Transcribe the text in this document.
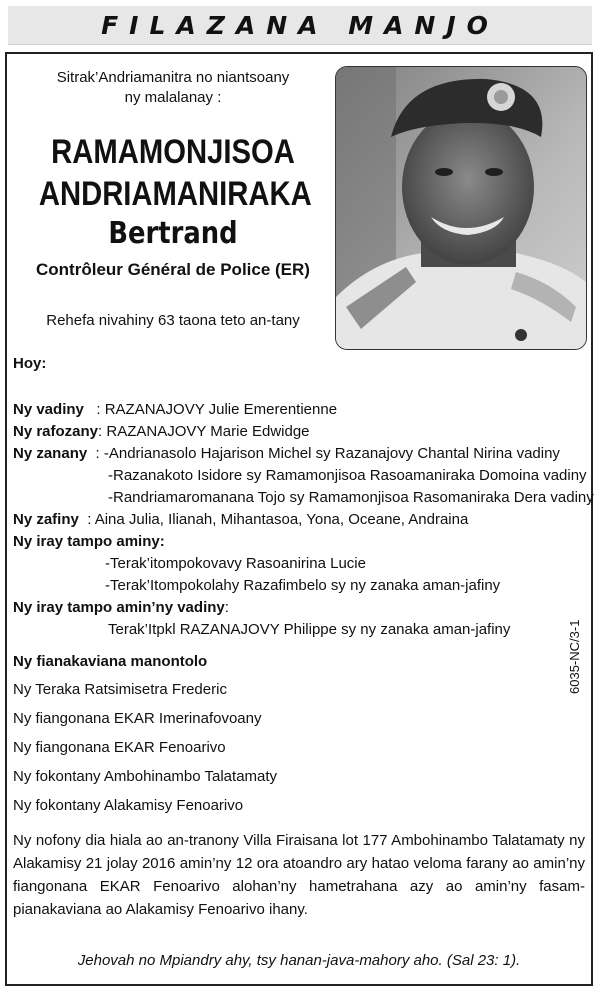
FILAZANA MANJO
Sitrak’Andriamanitra no niantsoany
ny malalanay :
RAMAMONJISOA
ANDRIAMANIRAKA
Bertrand
Contrôleur Général de Police (ER)
Rehefa nivahiny 63 taona teto an-tany
Hoy:
Ny vadiny   : RAZANAJOVY Julie Emerentienne
Ny rafozany: RAZANAJOVY Marie Edwidge
Ny zanany  : -Andrianasolo Hajarison Michel sy Razanajovy Chantal Nirina vadiny
-Razanakoto Isidore sy Ramamonjisoa Rasoamaniraka Domoina vadiny
-Randriamaromanana Tojo sy Ramamonjisoa Rasomaniraka Dera vadiny
Ny zafiny  : Aina Julia, Ilianah, Mihantasoa, Yona, Oceane, Andraina
Ny iray tampo aminy:
-Terak’itompokovavy Rasoanirina Lucie
-Terak’Itompokolahy Razafimbelo sy ny zanaka aman-jafiny
Ny iray tampo amin’ny vadiny:
Terak’Itpkl RAZANAJOVY Philippe sy ny zanaka aman-jafiny
Ny fianakaviana manontolo
Ny Teraka Ratsimisetra Frederic
Ny fiangonana EKAR Imerinafovoany
Ny fiangonana EKAR Fenoarivo
Ny fokontany Ambohinambo Talatamaty
Ny fokontany Alakamisy Fenoarivo
6035-NC/3-1
Ny nofony dia hiala ao an-tranony Villa Firaisana lot 177 Ambohinambo Talatamaty ny Alakamisy 21 jolay 2016 amin’ny 12 ora atoandro ary hatao veloma farany ao amin’ny fiangonana EKAR Fenoarivo alohan’ny hametrahana azy ao amin’ny fasam-pianakaviana ao Alakamisy Fenoarivo ihany.
Jehovah no Mpiandry ahy, tsy hanan-java-mahory aho. (Sal 23: 1).
